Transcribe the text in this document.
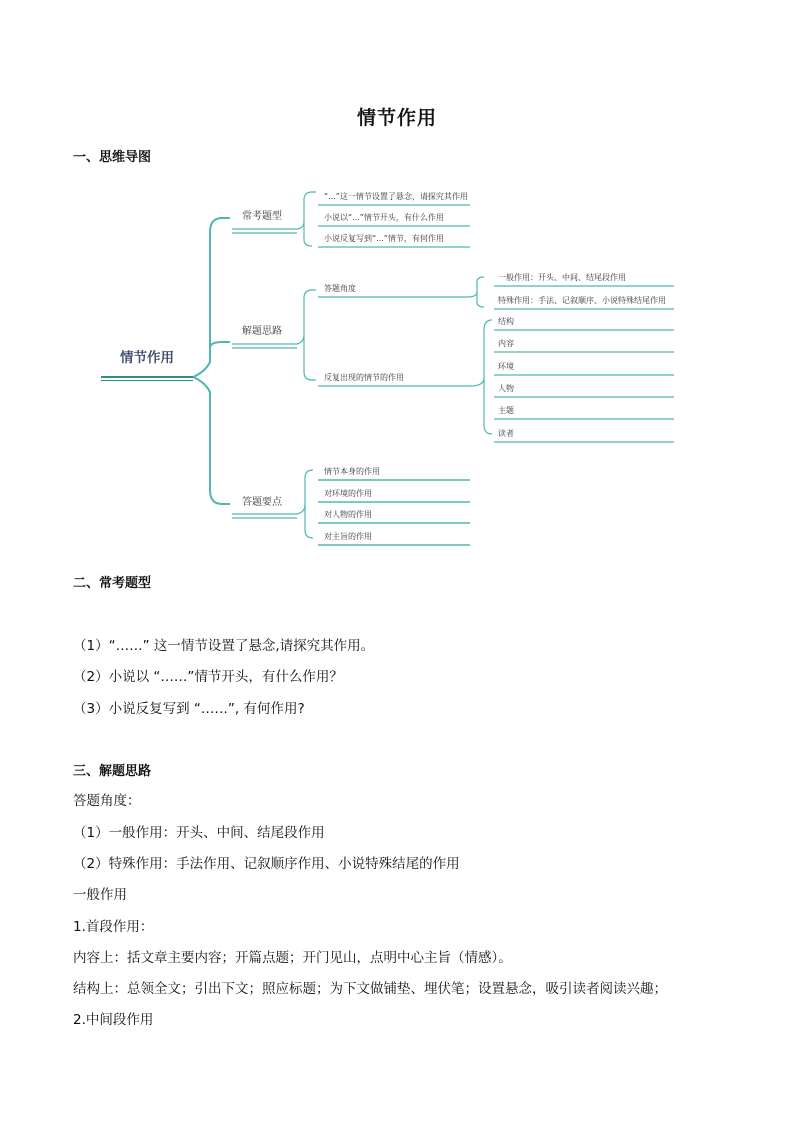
情节作用
一、思维导图
情节作用
常考题型
解题思路
答题要点
“...”这一情节设置了悬念，请探究其作用
小说以“...”情节开头，有什么作用
小说反复写到“...”情节，有何作用
答题角度
反复出现的情节的作用
一般作用：开头、中间、结尾段作用
特殊作用：手法、记叙顺序、小说特殊结尾作用
结构
内容
环境
人物
主题
读者
情节本身的作用
对环境的作用
对人物的作用
对主旨的作用
二、常考题型
（1）“……” 这一情节设置了悬念,请探究其作用。
（2）小说以 “……”情节开头，有什么作用？
（3）小说反复写到 “……”, 有何作用?
三、解题思路
答题角度：
（1）一般作用：开头、中间、结尾段作用
（2）特殊作用：手法作用、记叙顺序作用、小说特殊结尾的作用
一般作用
1.首段作用：
内容上：括文章主要内容；开篇点题；开门见山，点明中心主旨（情感）。
结构上：总领全文；引出下文；照应标题；为下文做铺垫、埋伏笔；设置悬念，吸引读者阅读兴趣；
2.中间段作用
